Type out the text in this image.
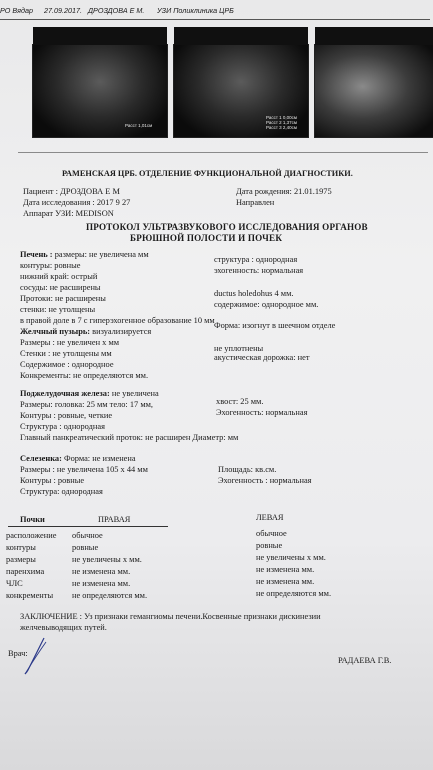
РО Вядар 27.09.2017. ДРОЗДОВА Е М. УЗИ Поликлиника ЦРБ
Расст 1,01см
Расст 1 0,00см
Расст 2 1,37см
Расст 3 2,40см
РАМЕНСКАЯ ЦРБ. ОТДЕЛЕНИЕ ФУНКЦИОНАЛЬНОЙ ДИАГНОСТИКИ.
Пациент : ДРОЗДОВА Е М	Дата рождения: 21.01.1975
Дата исследования : 2017 9 27	Направлен
Аппарат УЗИ: MEDISON
ПРОТОКОЛ УЛЬТРАЗВУКОВОГО ИССЛЕДОВАНИЯ ОРГАНОВ
БРЮШНОЙ ПОЛОСТИ И ПОЧЕК
Печень : размеры: не увеличена мм
структура : однородная
контуры: ровные
эхогенность: нормальная
нижний край: острый
сосуды: не расширены
Протоки: не расширены
ductus holedohus 4 мм.
стенки: не утолщены
содержимое: однородное мм.
в правой доле в 7 с гиперэхогенное образование 10 мм
Желчный пузырь: визуализируется
Форма: изогнут в шеечном отделе
Размеры : не увеличен х мм
Стенки : не утолщены мм
не уплотнены
Содержимое : однородное
акустическая дорожка: нет
Конкременты: не определяются мм.
Поджелудочная железа: не увеличена
Размеры: головка: 25 мм тело: 17 мм,	хвост: 25 мм.
Контуры : ровные, четкие	Эхогенность: нормальная
Структура : однородная
Главный панкреатический проток: не расширен Диаметр: мм
Селезенка: Форма: не изменена
Размеры : не увеличена 105 х 44 мм	Площадь: кв.см.
Контуры : ровные	Эхогенность : нормальная
Структура: однородная
Почки	ПРАВАЯ	ЛЕВАЯ
расположение обычное	обычное
контуры	ровные	ровные
размеры	не увеличены х мм.	не увеличены х мм.
паренхима	не изменена мм.	не изменена мм.
ЧЛС	не изменена мм.	не изменена мм.
конкременты не определяются мм.	не определяются мм.
ЗАКЛЮЧЕНИЕ : Уз признаки гемангиомы печени.Косвенные признаки дискинезии
желчевыводящих путей.
Врач:
РАДАЕВА Г.В.
